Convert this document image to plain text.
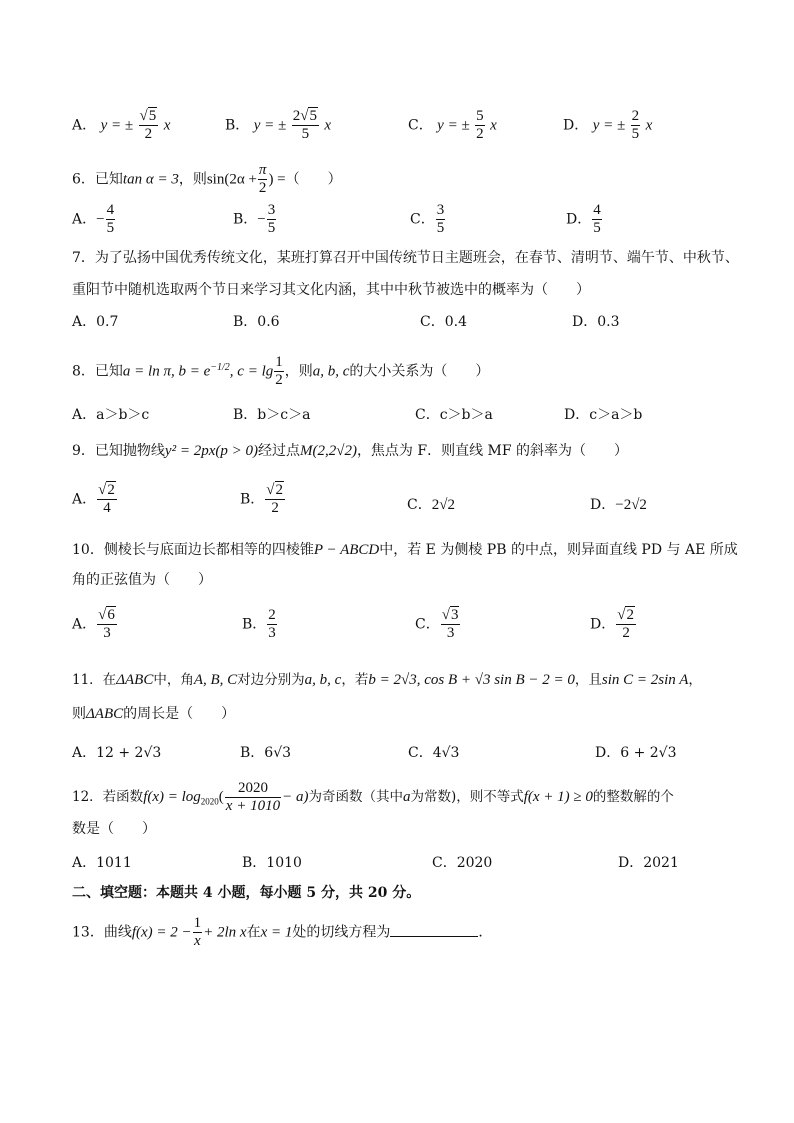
A． y = ± $\frac{√5}{2}$ x	B． y = ± $\frac{2√5}{5}$ x	C． y = ± $\frac{5}{2}$ x	D． y = ± $\frac{2}{5}$ x
6．已知tan α = 3，则$\sin(2\alpha + \frac{\pi}{2}$ ) =（　　）
A．− $\frac{4}{5}$	B．− $\frac{3}{5}$	C． $\frac{3}{5}$	D． $\frac{4}{5}$
7．为了弘扬中国优秀传统文化，某班打算召开中国传统节日主题班会，在春节、清明节、端午节、中秋节、
重阳节中随机选取两个节日来学习其文化内涵，其中中秋节被选中的概率为（　　）
A．0.7	B．0.6	C．0.4	D．0.3
8．已知a = ln π, $b = e^{-1/2}$, $c = \lg \frac{1}{2}$ ，则a, b, c的大小关系为（　　）
A．a＞b＞c	B．b＞c＞a	C．c＞b＞a	D．c＞a＞b
9．已知抛物线y² = 2px(p > 0)经过点M(2,2√2)，焦点为 F．则直线 MF 的斜率为（　　）
A． $\frac{√2}{4}$	B． $\frac{√2}{2}$	C．2√2	D．−2√2
10．侧棱长与底面边长都相等的四棱锥P − ABCD中，若 E 为侧棱 PB 的中点，则异面直线 PD 与 AE 所成
角的正弦值为（　　）
A． $\frac{√6}{3}$	B． $\frac{2}{3}$	C． $\frac{√3}{3}$	D． $\frac{√2}{2}$
11．在ΔABC中，角A, B, C对边分别为a, b, c，若b = 2√3, cos B + √3 sin B − 2 = 0，且sin C = 2sin A，
则ΔABC的周长是（　　）
A．12 + 2√3	B．6√3	C．4√3	D．6 + 2√3
12．若函数$f(x) = \log_{2020}( \frac{2020}{x + 1010} - a)$为奇函数（其中a为常数)，则不等式f(x + 1) ≥ 0的整数解的个
数是（　　）
A．1011	B．1010	C．2020	D．2021
二、填空题：本题共 4 小题，每小题 5 分，共 20 分。
13．曲线$f(x) = 2 - \frac{1}{x} + 2\ln$ x在x = 1处的切线方程为	．
